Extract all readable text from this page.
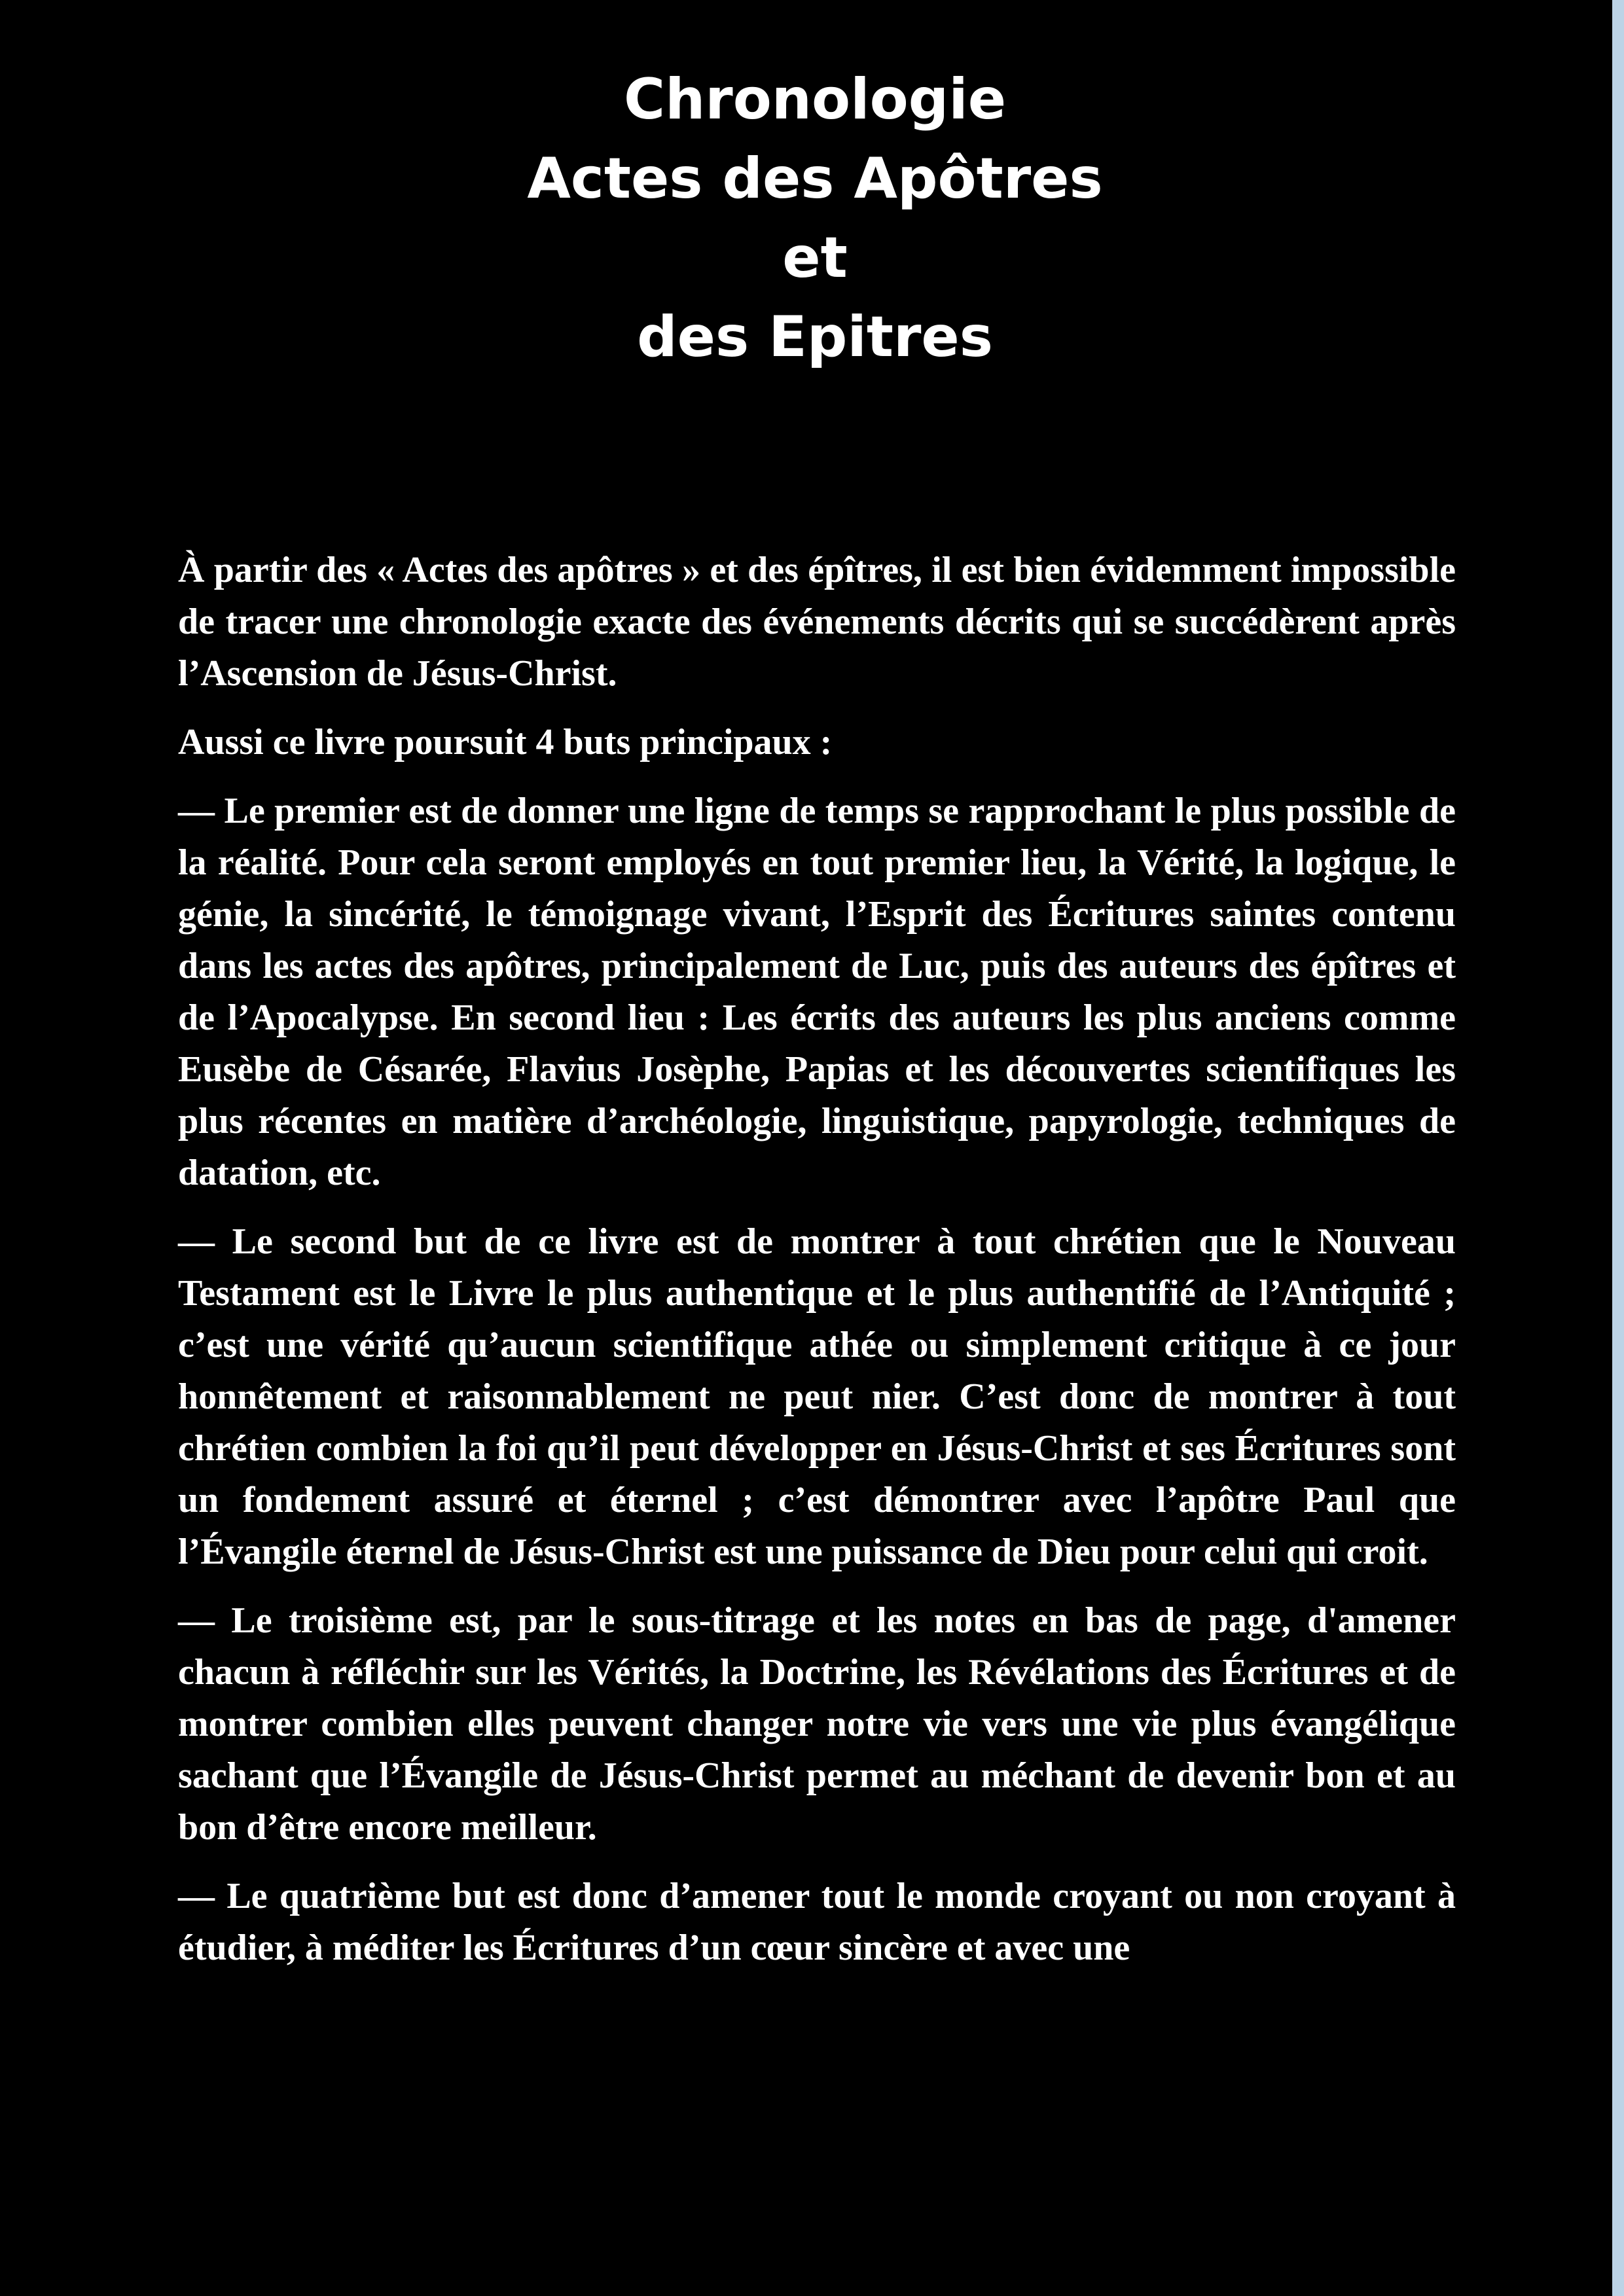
Chronologie
Actes des Apôtres
et
des Epitres

À partir des « Actes des apôtres » et des épîtres, il est bien évidemment impossible de tracer une chronologie exacte des événements décrits qui se succédèrent après l’Ascension de Jésus-Christ.

Aussi ce livre poursuit 4 buts principaux :

— Le premier est de donner une ligne de temps se rapprochant le plus possible de la réalité. Pour cela seront employés en tout premier lieu, la Vérité, la logique, le génie, la sincérité, le témoignage vivant, l’Esprit des Écritures saintes contenu dans les actes des apôtres, principalement de Luc, puis des auteurs des épîtres et de l’Apocalypse. En second lieu : Les écrits des auteurs les plus anciens comme Eusèbe de Césarée, Flavius Josèphe, Papias et les découvertes scientifiques les plus récentes en matière d’archéologie, linguistique, papyrologie, techniques de datation, etc.

— Le second but de ce livre est de montrer à tout chrétien que le Nouveau Testament est le Livre le plus authentique et le plus authentifié de l’Antiquité ; c’est une vérité qu’aucun scientifique athée ou simplement critique à ce jour honnêtement et raisonnablement ne peut nier. C’est donc de montrer à tout chrétien combien la foi qu’il peut développer en Jésus-Christ et ses Écritures sont un fondement assuré et éternel ; c’est démontrer avec l’apôtre Paul que l’Évangile éternel de Jésus-Christ est une puissance de Dieu pour celui qui croit.

— Le troisième est, par le sous-titrage et les notes en bas de page, d'amener chacun à réfléchir sur les Vérités, la Doctrine, les Révélations des Écritures et de montrer combien elles peuvent changer notre vie vers une vie plus évangélique sachant que l’Évangile de Jésus-Christ permet au méchant de devenir bon et au bon d’être encore meilleur.

— Le quatrième but est donc d’amener tout le monde croyant ou non croyant à étudier, à méditer les Écritures d’un cœur sincère et avec une
